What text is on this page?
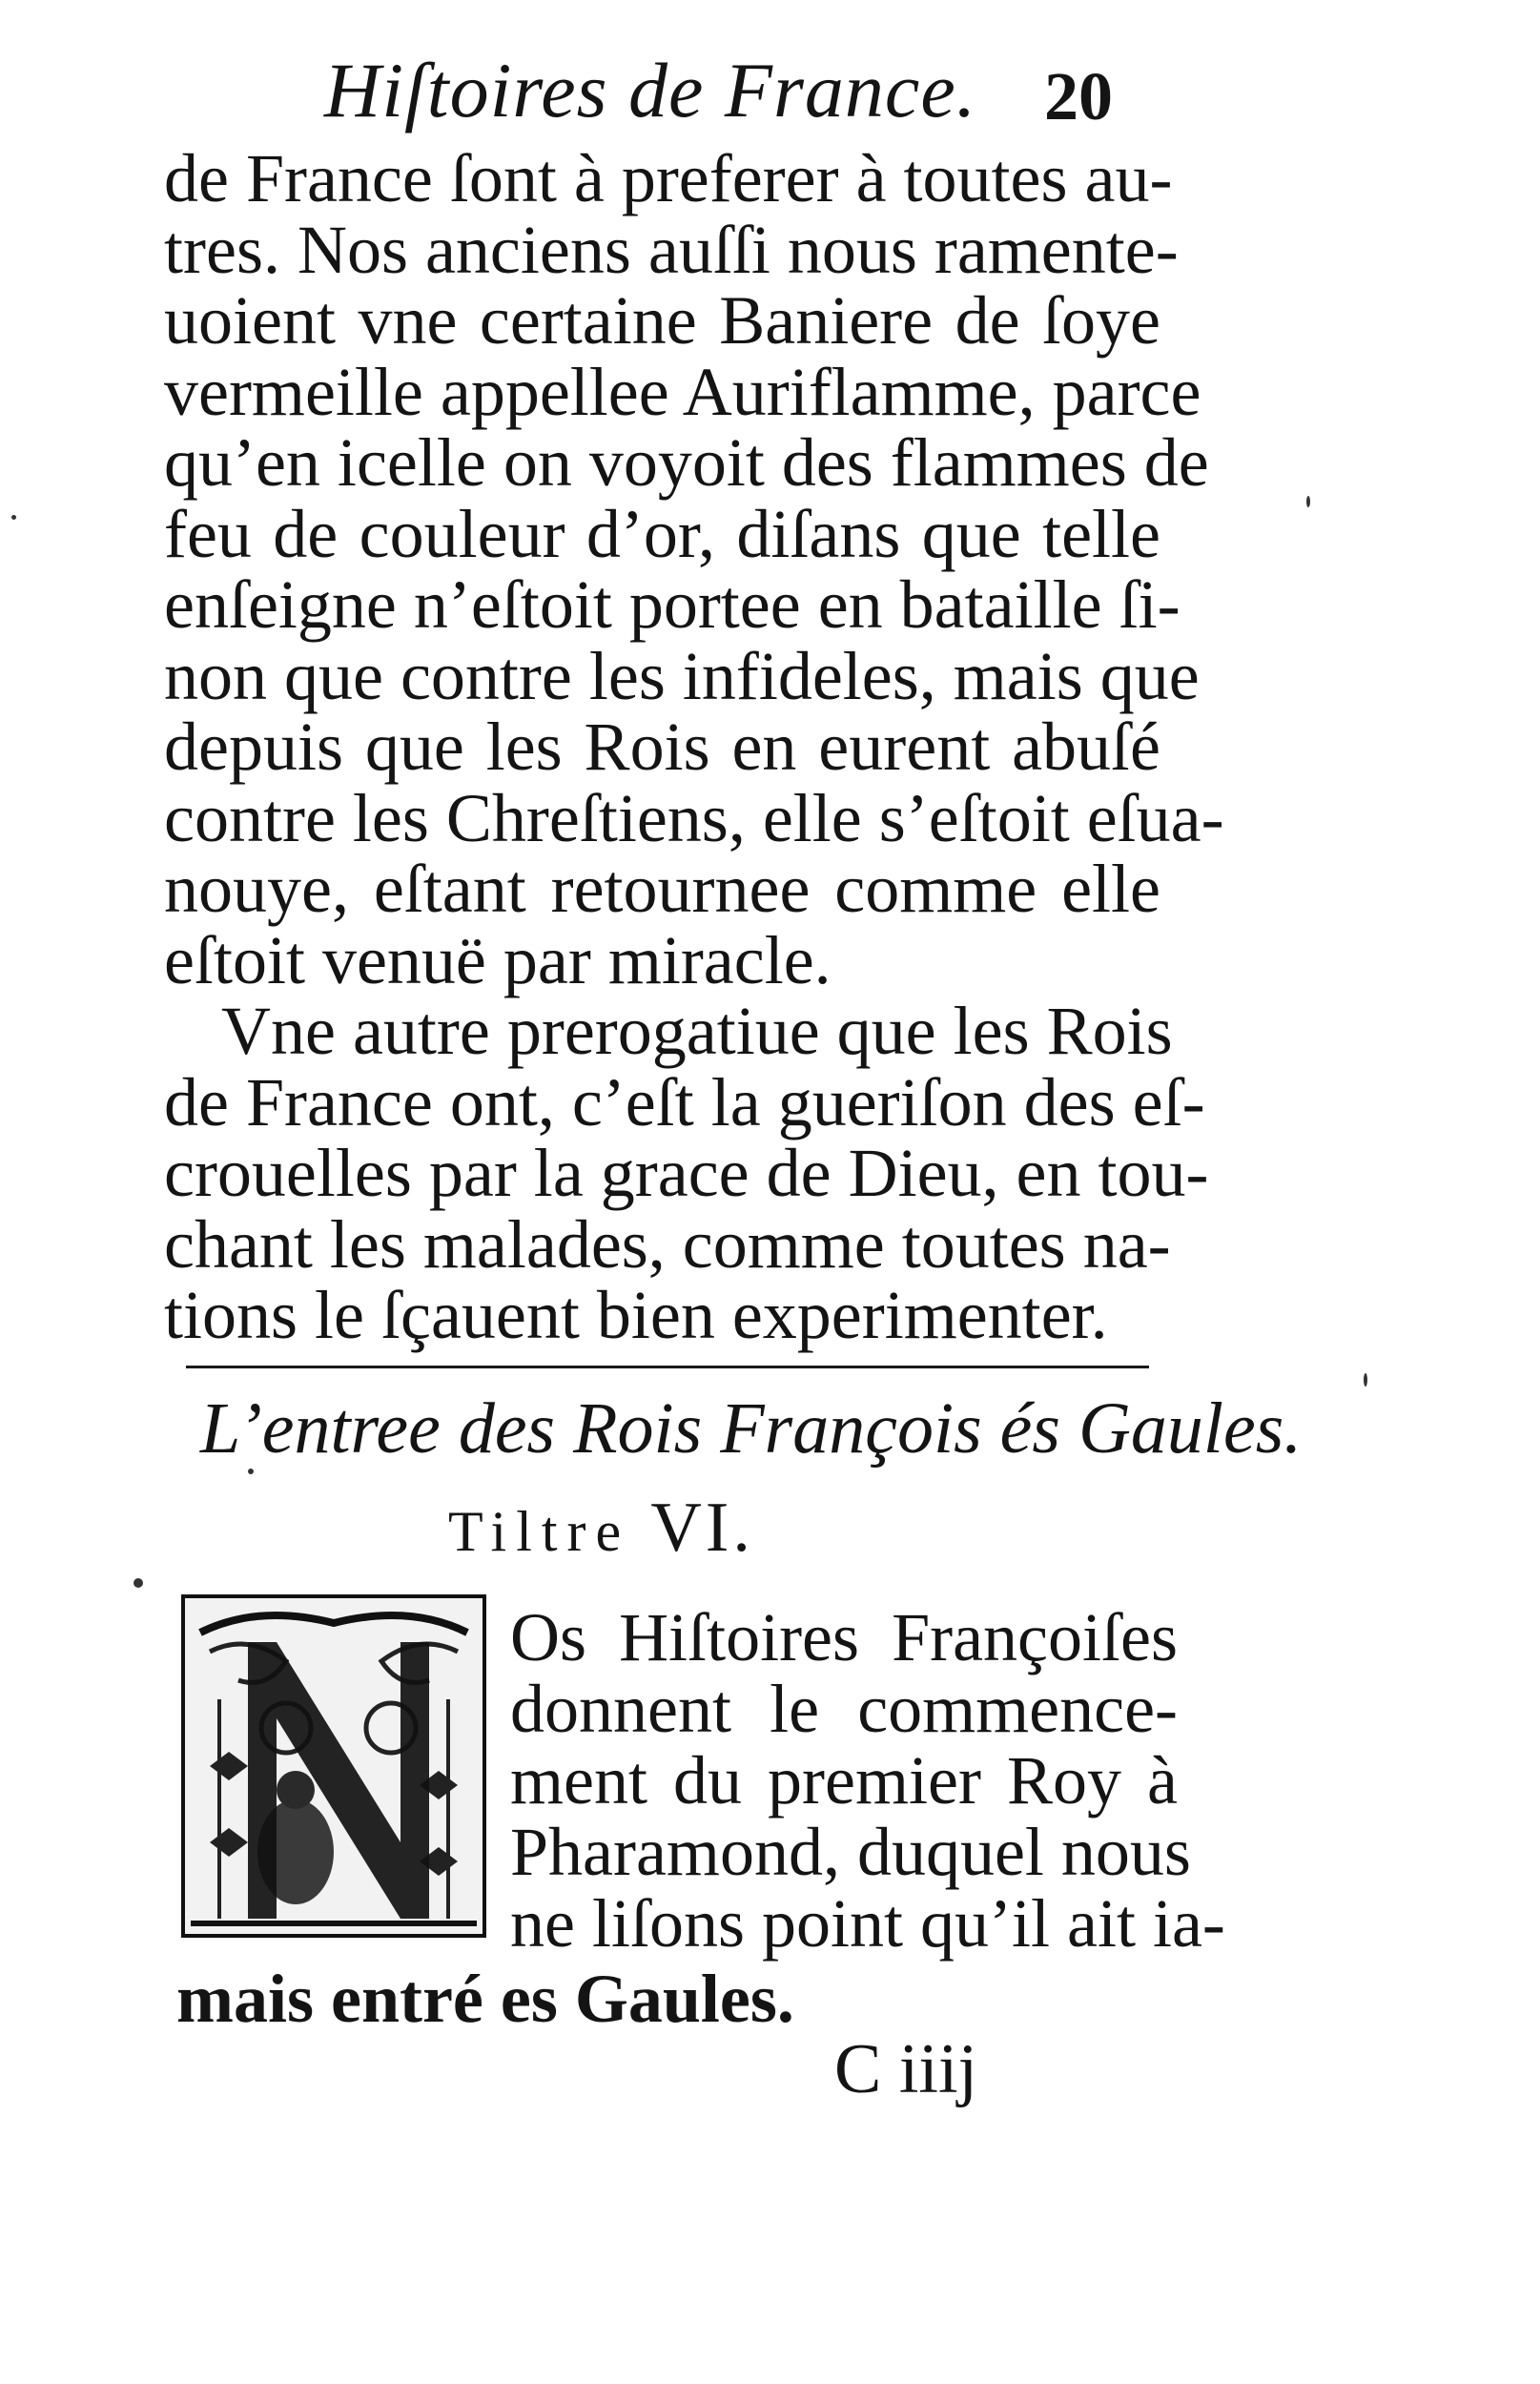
Hiſtoires de France. 20
de France ſont à preferer à toutes au-
tres. Nos anciens auſſi nous ramente-
uoient vne certaine Baniere de ſoye
vermeille appellee Auriflamme, parce
qu’en icelle on voyoit des flammes de
feu de couleur d’or, diſans que telle
enſeigne n’eſtoit portee en bataille ſi-
non que contre les infideles, mais que
depuis que les Rois en eurent abuſé
contre les Chreſtiens, elle s’eſtoit eſua-
nouye, eſtant retournee comme elle
eſtoit venuë par miracle.
Vne autre prerogatiue que les Rois
de France ont, c’eſt la gueriſon des eſ-
crouelles par la grace de Dieu, en tou-
chant les malades, comme toutes na-
tions le ſçauent bien experimenter.
L’entree des Rois François és Gaules.
Tiltre VI.
Os Hiſtoires Françoiſes
donnent le commence-
ment du premier Roy à
Pharamond, duquel nous
ne liſons point qu’il ait ia-
mais entré es Gaules.
C iiij
